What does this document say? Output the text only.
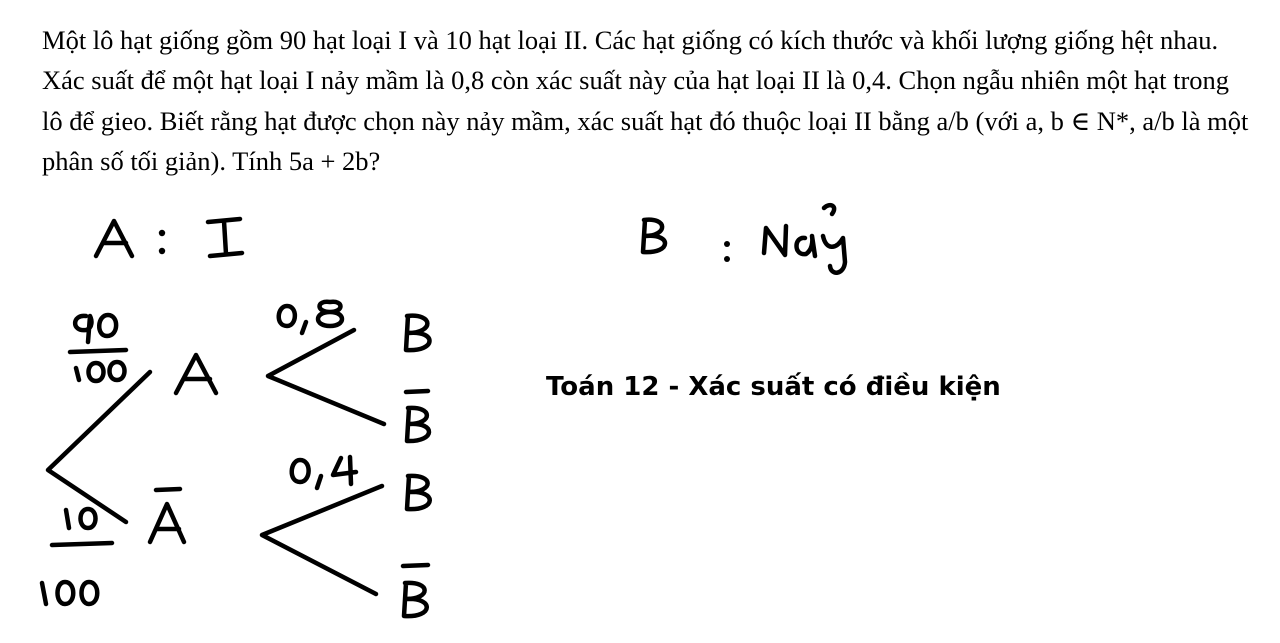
Một lô hạt giống gồm 90 hạt loại I và 10 hạt loại II. Các hạt giống có kích thước và khối lượng giống hệt nhau. Xác suất để một hạt loại I nảy mầm là 0,8 còn xác suất này của hạt loại II là 0,4. Chọn ngẫu nhiên một hạt trong lô để gieo. Biết rằng hạt được chọn này nảy mầm, xác suất hạt đó thuộc loại II bằng a/b (với a, b ∈ N*, a/b là một phân số tối giản). Tính 5a + 2b?

Toán 12 - Xác suất có điều kiện
